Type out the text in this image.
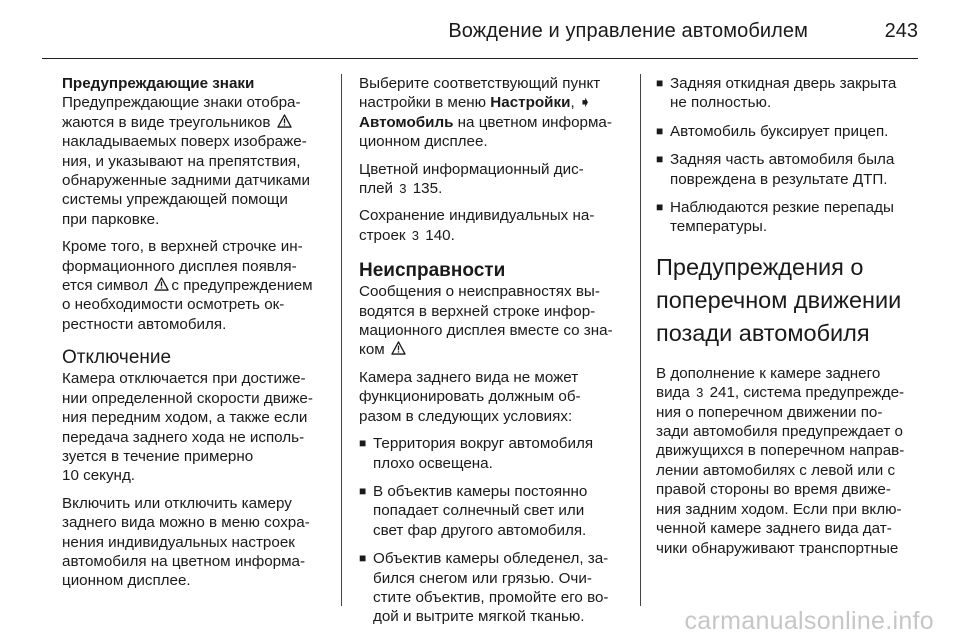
Вождение и управление автомобилем	243
Предупреждающие знаки

Предупреждающие знаки отобра-
жаются в виде треугольников
накладываемых поверх изображе-
ния, и указывают на препятствия,
обнаруженные задними датчиками
системы упреждающей помощи
при парковке.

Кроме того, в верхней строчке ин-
формационного дисплея появля-
ется символ с предупреждением
о необходимости осмотреть ок-
рестности автомобиля.

Отключение

Камера отключается при достиже-
нии определенной скорости движе-
ния передним ходом, а также если
передача заднего хода не исполь-
зуется в течение примерно
10 секунд.

Включить или отключить камеру
заднего вида можно в меню сохра-
нения индивидуальных настроек
автомобиля на цветном информа-
ционном дисплее.

Выберите соответствующий пункт
настройки в меню Настройки, ➧
Автомобиль на цветном информа-
ционном дисплее.

Цветной информационный дис-
плей 3 135.

Сохранение индивидуальных на-
строек 3 140.

Неисправности

Сообщения о неисправностях вы-
водятся в верхней строке инфор-
мационного дисплея вместе со зна-
ком

Камера заднего вида не может
функционировать должным об-
разом в следующих условиях:

■ Территория вокруг автомобиля
плохо освещена.
■ В объектив камеры постоянно
попадает солнечный свет или
свет фар другого автомобиля.
■ Объектив камеры обледенел, за-
бился снегом или грязью. Очи-
стите объектив, промойте его во-
дой и вытрите мягкой тканью.
■ Задняя откидная дверь закрыта
не полностью.
■ Автомобиль буксирует прицеп.
■ Задняя часть автомобиля была
повреждена в результате ДТП.
■ Наблюдаются резкие перепады
температуры.
Предупреждения о
поперечном движении
позади автомобиля

В дополнение к камере заднего
вида 3 241, система предупрежде-
ния о поперечном движении по-
зади автомобиля предупреждает о
движущихся в поперечном направ-
лении автомобилях с левой или с
правой стороны во время движе-
ния задним ходом. Если при вклю-
ченной камере заднего вида дат-
чики обнаруживают транспортные

carmanualsonline.info
